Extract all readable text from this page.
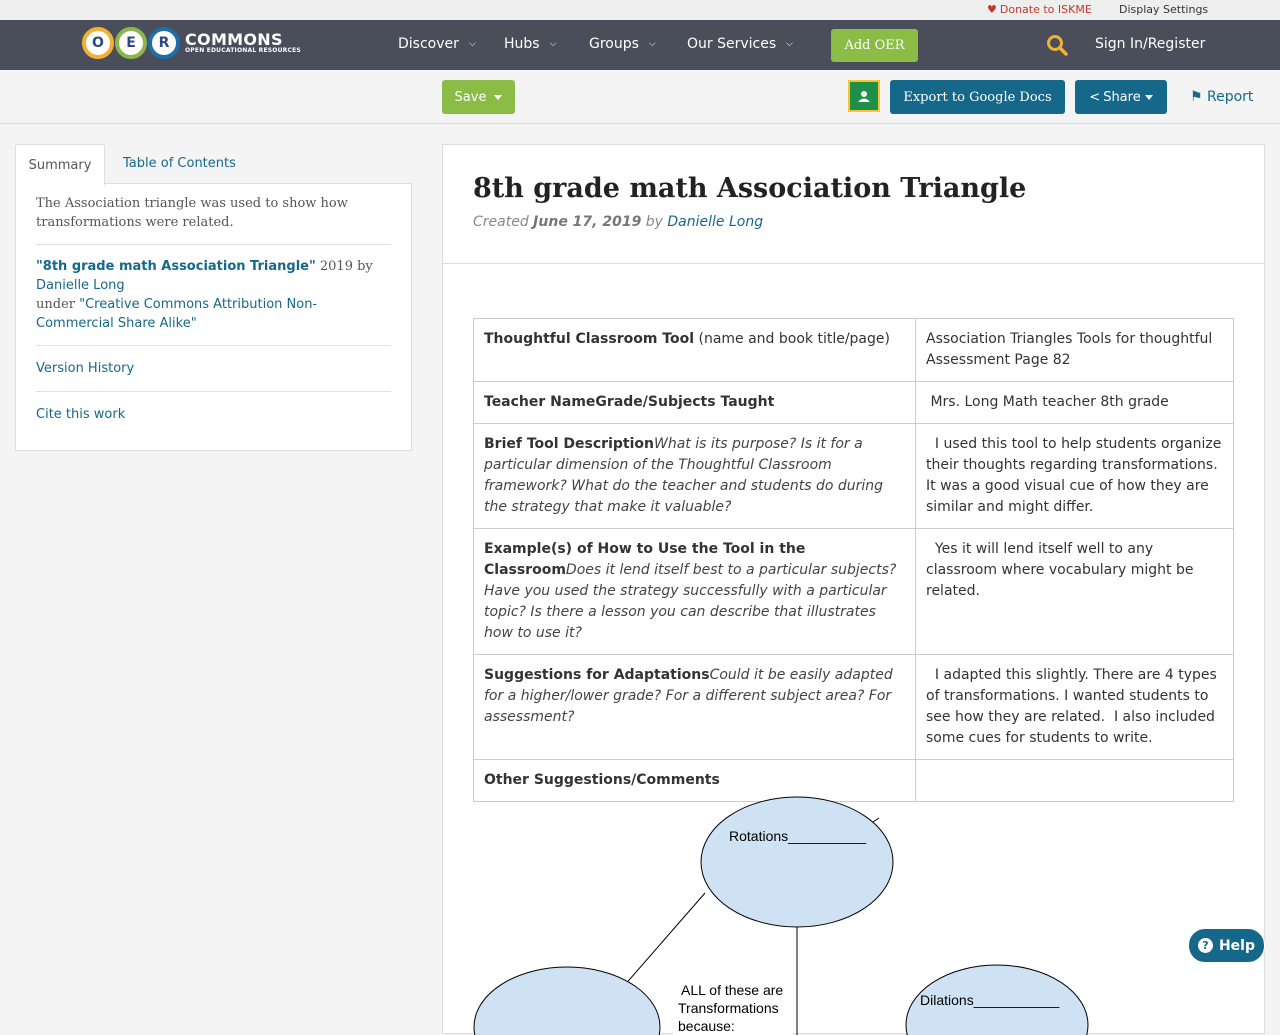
♥ Donate to ISKME Display Settings
O	E	R COMMONS
OPEN EDUCATIONAL RESOURCES	Discover ⌵ Hubs ⌵ Groups ⌵ Our Services ⌵	Add OER	Sign In/Register
Save	Export to Google Docs	< Share	⚑ Report
Summary	Table of Contents

The Association triangle was used to show how transformations were related.

"8th grade math Association Triangle" 2019 by Danielle Long
under "Creative Commons Attribution Non-Commercial Share Alike"

Version History
Cite this work
8th grade math Association Triangle
Created June 17, 2019 by Danielle Long
Thoughtful Classroom Tool (name and book title/page)	Association Triangles Tools for thoughtful Assessment Page 82
Teacher NameGrade/Subjects Taught	Mrs. Long Math teacher 8th grade
Brief Tool DescriptionWhat is its purpose? Is it for a particular dimension of the Thoughtful Classroom framework? What do the teacher and students do during the strategy that make it valuable?	I used this tool to help students organize their thoughts regarding transformations.  It was a good visual cue of how they are similar and might differ.
Example(s) of How to Use the Tool in the ClassroomDoes it lend itself best to a particular subjects? Have you used the strategy successfully with a particular topic? Is there a lesson you can describe that illustrates how to use it?	Yes it will lend itself well to any classroom where vocabulary might be related.
Suggestions for AdaptationsCould it be easily adapted for a higher/lower grade? For a different subject area? For assessment?	I adapted this slightly. There are 4 types of transformations. I wanted students to see how they are related.  I also included some cues for students to write.
Other Suggestions/Comments	
Rotations__________
Dilations___________
ALL of these are
Transformations
because:
? Help
